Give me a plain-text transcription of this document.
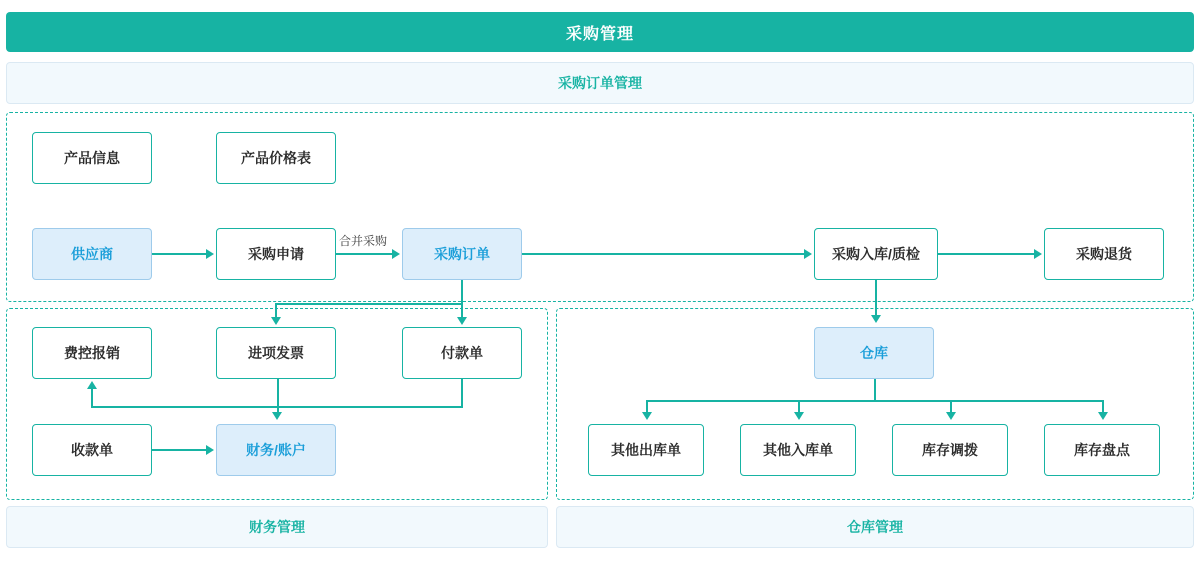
采购管理
采购订单管理
产品信息	产品价格表
供应商	采购申请	采购订单	采购入库/质检	采购退货
费控报销	进项发票	付款单
收款单	财务/账户
仓库
其他出库单	其他入库单	库存调拨	库存盘点
合并采购
财务管理	仓库管理
